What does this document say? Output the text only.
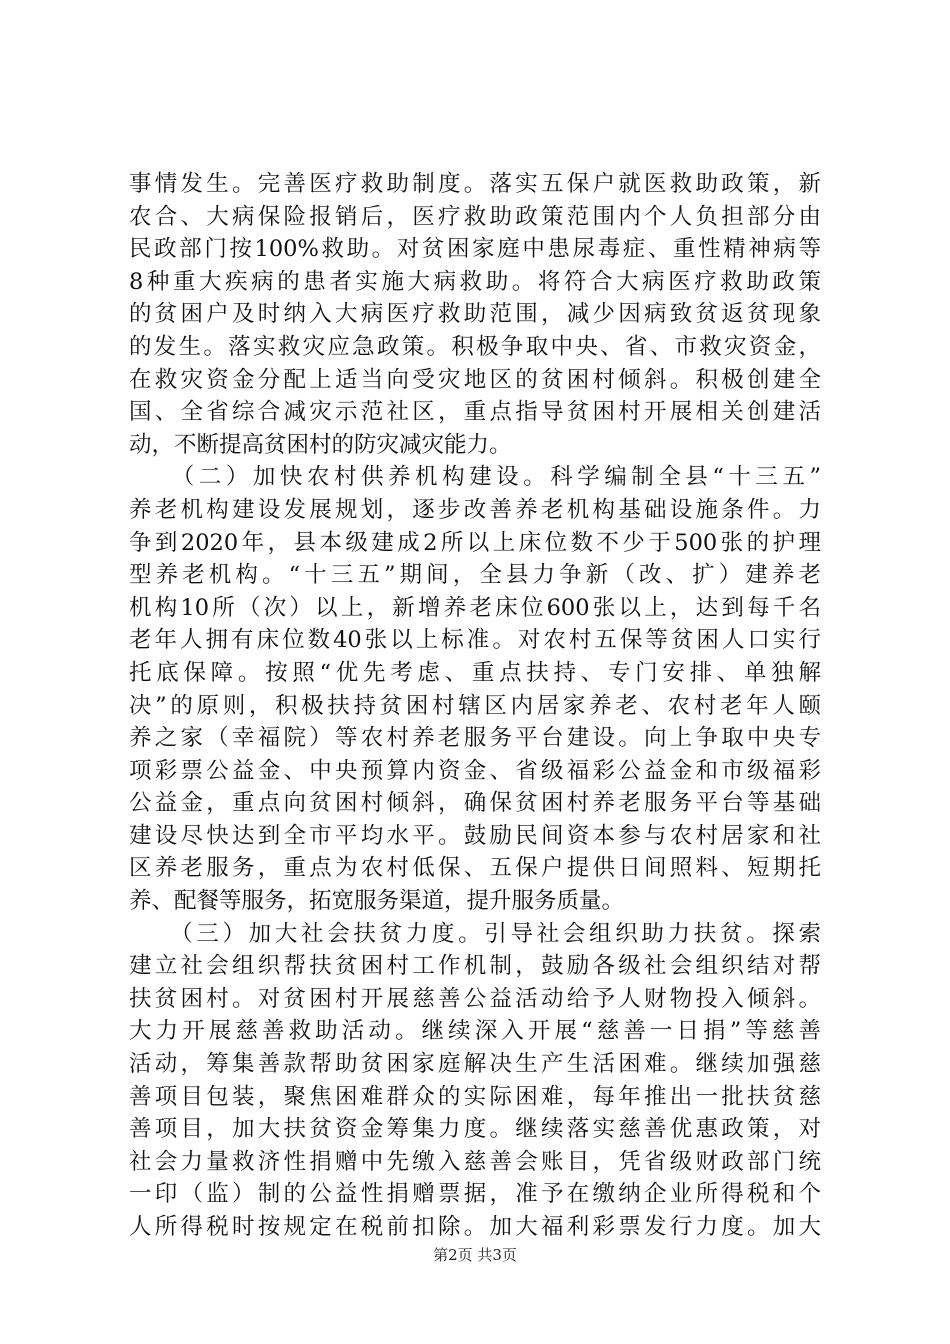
事情发生。完善医疗救助制度。落实五保户就医救助政策，新
农合、大病保险报销后，医疗救助政策范围内个人负担部分由
民政部门按100%救助。对贫困家庭中患尿毒症、重性精神病等
8种重大疾病的患者实施大病救助。将符合大病医疗救助政策
的贫困户及时纳入大病医疗救助范围，减少因病致贫返贫现象
的发生。落实救灾应急政策。积极争取中央、省、市救灾资金，
在救灾资金分配上适当向受灾地区的贫困村倾斜。积极创建全
国、全省综合减灾示范社区，重点指导贫困村开展相关创建活
动，不断提高贫困村的防灾减灾能力。
　　（二）加快农村供养机构建设。科学编制全县“十三五”
养老机构建设发展规划，逐步改善养老机构基础设施条件。力
争到2020年，县本级建成2所以上床位数不少于500张的护理
型养老机构。“十三五”期间，全县力争新（改、扩）建养老
机构10所（次）以上，新增养老床位600张以上，达到每千名
老年人拥有床位数40张以上标准。对农村五保等贫困人口实行
托底保障。按照“优先考虑、重点扶持、专门安排、单独解
决”的原则，积极扶持贫困村辖区内居家养老、农村老年人颐
养之家（幸福院）等农村养老服务平台建设。向上争取中央专
项彩票公益金、中央预算内资金、省级福彩公益金和市级福彩
公益金，重点向贫困村倾斜，确保贫困村养老服务平台等基础
建设尽快达到全市平均水平。鼓励民间资本参与农村居家和社
区养老服务，重点为农村低保、五保户提供日间照料、短期托
养、配餐等服务，拓宽服务渠道，提升服务质量。
　　（三）加大社会扶贫力度。引导社会组织助力扶贫。探索
建立社会组织帮扶贫困村工作机制，鼓励各级社会组织结对帮
扶贫困村。对贫困村开展慈善公益活动给予人财物投入倾斜。
大力开展慈善救助活动。继续深入开展“慈善一日捐”等慈善
活动，筹集善款帮助贫困家庭解决生产生活困难。继续加强慈
善项目包装，聚焦困难群众的实际困难，每年推出一批扶贫慈
善项目，加大扶贫资金筹集力度。继续落实慈善优惠政策，对
社会力量救济性捐赠中先缴入慈善会账目，凭省级财政部门统
一印（监）制的公益性捐赠票据，准予在缴纳企业所得税和个
人所得税时按规定在税前扣除。加大福利彩票发行力度。加大
第2页 共3页
